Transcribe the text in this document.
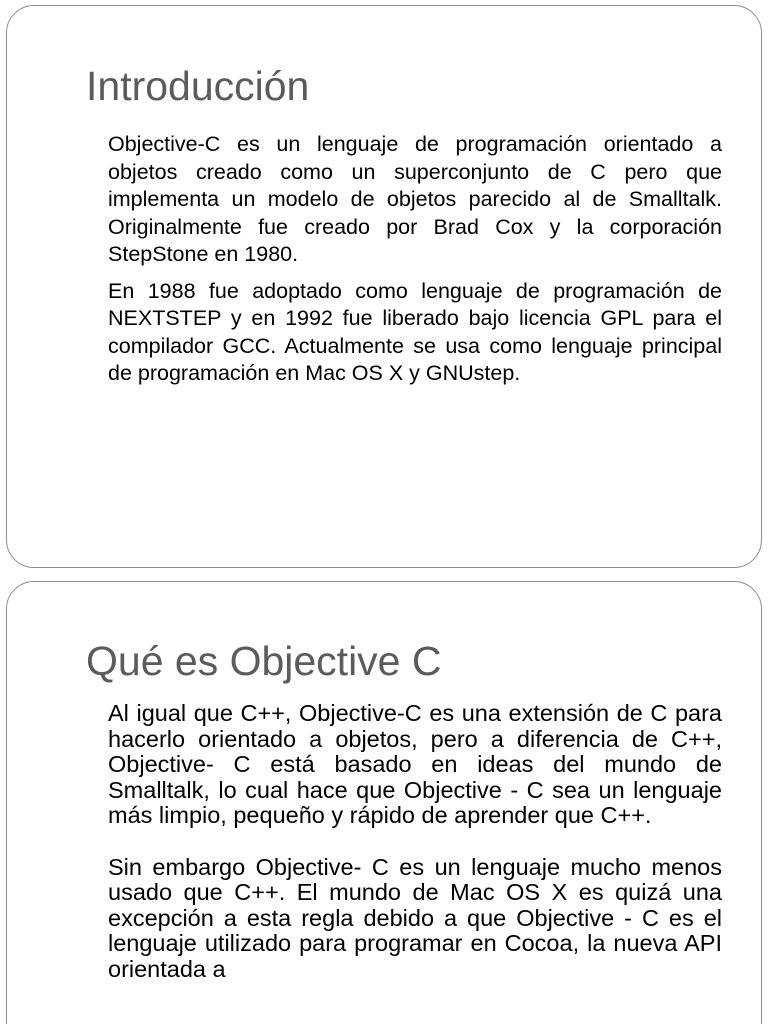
Introducción

Objective-C es un lenguaje de programación orientado a objetos creado como un superconjunto de C pero que implementa un modelo de objetos parecido al de Smalltalk. Originalmente fue creado por Brad Cox y la corporación StepStone en 1980.

En 1988 fue adoptado como lenguaje de programación de NEXTSTEP y en 1992 fue liberado bajo licencia GPL para el compilador GCC. Actualmente se usa como lenguaje principal de programación en Mac OS X y GNUstep.

Qué es Objective C

Al igual que C++, Objective-C es una extensión de C para hacerlo orientado a objetos, pero a diferencia de C++, Objective- C está basado en ideas del mundo de Smalltalk, lo cual hace que Objective - C sea un lenguaje más limpio, pequeño y rápido de aprender que C++.

Sin embargo Objective- C es un lenguaje mucho menos usado que C++. El mundo de Mac OS X es quizá una excepción a esta regla debido a que Objective - C es el lenguaje utilizado para programar en Cocoa, la nueva API orientada a
